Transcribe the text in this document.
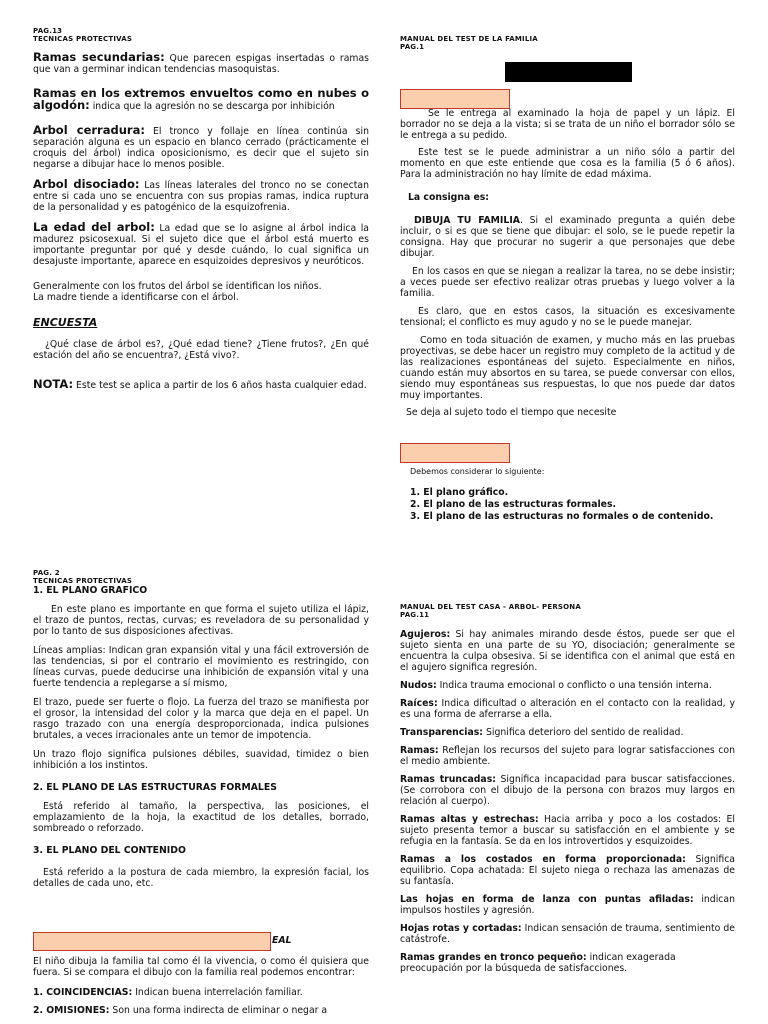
PAG.13
TECNICAS PROTECTIVAS

Ramas secundarias: Que parecen espigas insertadas o ramas que van a germinar indican tendencias masoquistas.

Ramas en los extremos envueltos como en nubes o algodón: indica que la agresión no se descarga por inhibición

Arbol cerradura: El tronco y follaje en línea continúa sin separación alguna es un espacio en blanco cerrado (prácticamente el croquis del árbol) indica oposicionismo, es decir que el sujeto sin negarse a dibujar hace lo menos posible.

Arbol disociado: Las líneas laterales del tronco no se conectan entre si cada uno se encuentra con sus propias ramas, indica ruptura de la personalidad y es patogénico de la esquizofrenia.

La edad del arbol: La edad que se lo asigne al árbol indica la madurez psicosexual. Si el sujeto dice que el árbol está muerto es importante preguntar por qué y desde cuándo, lo cual significa un desajuste importante, aparece en esquizoides depresivos y neuróticos.

Generalmente con los frutos del árbol se identifican los niños.
La madre tiende a identificarse con el árbol.

ENCUESTA

¿Qué clase de árbol es?, ¿Qué edad tiene? ¿Tiene frutos?, ¿En qué estación del año se encuentra?, ¿Está vivo?.

NOTA: Este test se aplica a partir de los 6 años hasta cualquier edad.

MANUAL DEL TEST DE LA FAMILIA
PAG.1

Se le entrega al examinado la hoja de papel y un lápiz. El borrador no se deja a la vista; si se trata de un niño el borrador sólo se le entrega a su pedido.

Este test se le puede administrar a un niño sólo a partir del momento en que este entiende que cosa es la familia (5 ó 6 años). Para la administración no hay límite de edad máxima.

La consigna es:

DIBUJA TU FAMILIA. Si el examinado pregunta a quién debe incluir, o si es que se tiene que dibujar: el solo, se le puede repetir la consigna. Hay que procurar no sugerir a que personajes que debe dibujar.

En los casos en que se niegan a realizar la tarea, no se debe insistir; a veces puede ser efectivo realizar otras pruebas y luego volver a la familia.

Es claro, que en estos casos, la situación es excesivamente tensional; el conflicto es muy agudo y no se le puede manejar.

Como en toda situación de examen, y mucho más en las pruebas proyectivas, se debe hacer un registro muy completo de la actitud y de las realizaciones espontáneas del sujeto. Especialmente en niños, cuando están muy absortos en su tarea, se puede conversar con ellos, siendo muy espontáneas sus respuestas, lo que nos puede dar datos muy importantes.

Se deja al sujeto todo el tiempo que necesite

Debemos considerar lo siguiente:

1. El plano gráfico.
2. El plano de las estructuras formales.
3. El plano de las estructuras no formales o de contenido.
PAG. 2
TECNICAS PROTECTIVAS

1. EL PLANO GRAFICO

En este plano es importante en que forma el sujeto utiliza el lápiz, el trazo de puntos, rectas, curvas; es reveladora de su personalidad y por lo tanto de sus disposiciones afectivas.

Líneas amplias: Indican gran expansión vital y una fácil extroversión de las tendencias, si por el contrario el movimiento es restringido, con líneas curvas, puede deducirse una inhibición de expansión vital y una fuerte tendencia a replegarse a sí mismo,

El trazo, puede ser fuerte o flojo. La fuerza del trazo se manifiesta por el grosor, la intensidad del color y la marca que deja en el papel. Un rasgo trazado con una energía desproporcionada, indica pulsiones brutales, a veces irracionales ante un temor de impotencia.

Un trazo flojo significa pulsiones débiles, suavidad, timidez o bien inhibición a los instintos.

2. EL PLANO DE LAS ESTRUCTURAS FORMALES

Está referido al tamaño, la perspectiva, las posiciones, el emplazamiento de la hoja, la exactitud de los detalles, borrado, sombreado o reforzado.

3. EL PLANO DEL CONTENIDO

Está referido a la postura de cada miembro, la expresión facial, los detalles de cada uno, etc.

EAL

El niño dibuja la familia tal como él la vivencia, o como él quisiera que fuera. Si se compara el dibujo con la familia real podemos encontrar:

1. COINCIDENCIAS: Indican buena interrelación familiar.

2. OMISIONES: Son una forma indirecta de eliminar o negar a

MANUAL DEL TEST CASA - ARBOL- PERSONA
PAG.11

Agujeros: Si hay animales mirando desde éstos, puede ser que el sujeto sienta en una parte de su YO, disociación; generalmente se encuentra la culpa obsesiva. Si se identifica con el animal que está en el agujero significa regresión.

Nudos: Indica trauma emocional o conflicto o una tensión interna.

Raíces: Indica dificultad o alteración en el contacto con la realidad, y es una forma de aferrarse a ella.

Transparencias: Significa deterioro del sentido de realidad.

Ramas: Reflejan los recursos del sujeto para lograr satisfacciones con el medio ambiente.

Ramas truncadas: Significa incapacidad para buscar satisfacciones. (Se corrobora con el dibujo de la persona con brazos muy largos en relación al cuerpo).

Ramas altas y estrechas: Hacia arriba y poco a los costados: El sujeto presenta temor a buscar su satisfacción en el ambiente y se refugia en la fantasía. Se da en los introvertidos y esquizoides.

Ramas a los costados en forma proporcionada: Significa equilibrio. Copa achatada: El sujeto niega o rechaza las amenazas de su fantasía.

Las hojas en forma de lanza con puntas afiladas: indican impulsos hostiles y agresión.

Hojas rotas y cortadas: Indican sensación de trauma, sentimiento de catástrofe.

Ramas grandes en tronco pequeño: indican exagerada preocupación por la búsqueda de satisfacciones.
